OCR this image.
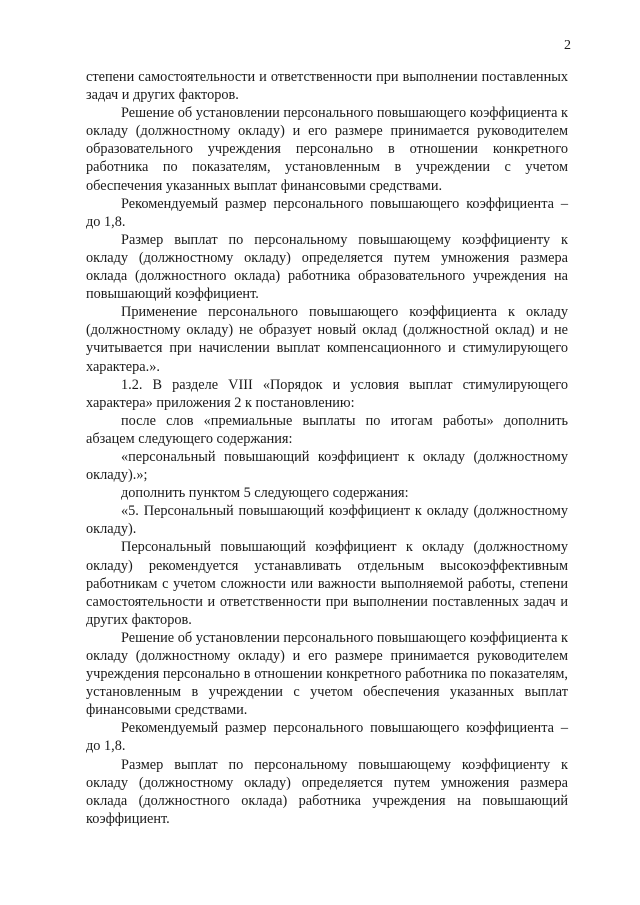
2

степени самостоятельности и ответственности при выполнении поставленных задач и других факторов.

Решение об установлении персонального повышающего коэффициента к окладу (должностному окладу) и его размере принимается руководителем образовательного учреждения персонально в отношении конкретного работника по показателям, установленным в учреждении с учетом обеспечения указанных выплат финансовыми средствами.

Рекомендуемый размер персонального повышающего коэффициента – до 1,8.

Размер выплат по персональному повышающему коэффициенту к окладу (должностному окладу) определяется путем умножения размера оклада (должностного оклада) работника образовательного учреждения на повышающий коэффициент.

Применение персонального повышающего коэффициента к окладу (должностному окладу) не образует новый оклад (должностной оклад) и не учитывается при начислении выплат компенсационного и стимулирующего характера.».

1.2. В разделе VIII «Порядок и условия выплат стимулирующего характера» приложения 2 к постановлению:

после слов «премиальные выплаты по итогам работы» дополнить абзацем следующего содержания:

«персональный повышающий коэффициент к окладу (должностному окладу).»;

дополнить пунктом 5 следующего содержания:

«5. Персональный повышающий коэффициент к окладу (должностному окладу).

Персональный повышающий коэффициент к окладу (должностному окладу) рекомендуется устанавливать отдельным высокоэффективным работникам с учетом сложности или важности выполняемой работы, степени самостоятельности и ответственности при выполнении поставленных задач и других факторов.

Решение об установлении персонального повышающего коэффициента к окладу (должностному окладу) и его размере принимается руководителем учреждения персонально в отношении конкретного работника по показателям, установленным в учреждении с учетом обеспечения указанных выплат финансовыми средствами.

Рекомендуемый размер персонального повышающего коэффициента – до 1,8.

Размер выплат по персональному повышающему коэффициенту к окладу (должностному окладу) определяется путем умножения размера оклада (должностного оклада) работника учреждения на повышающий коэффициент.
